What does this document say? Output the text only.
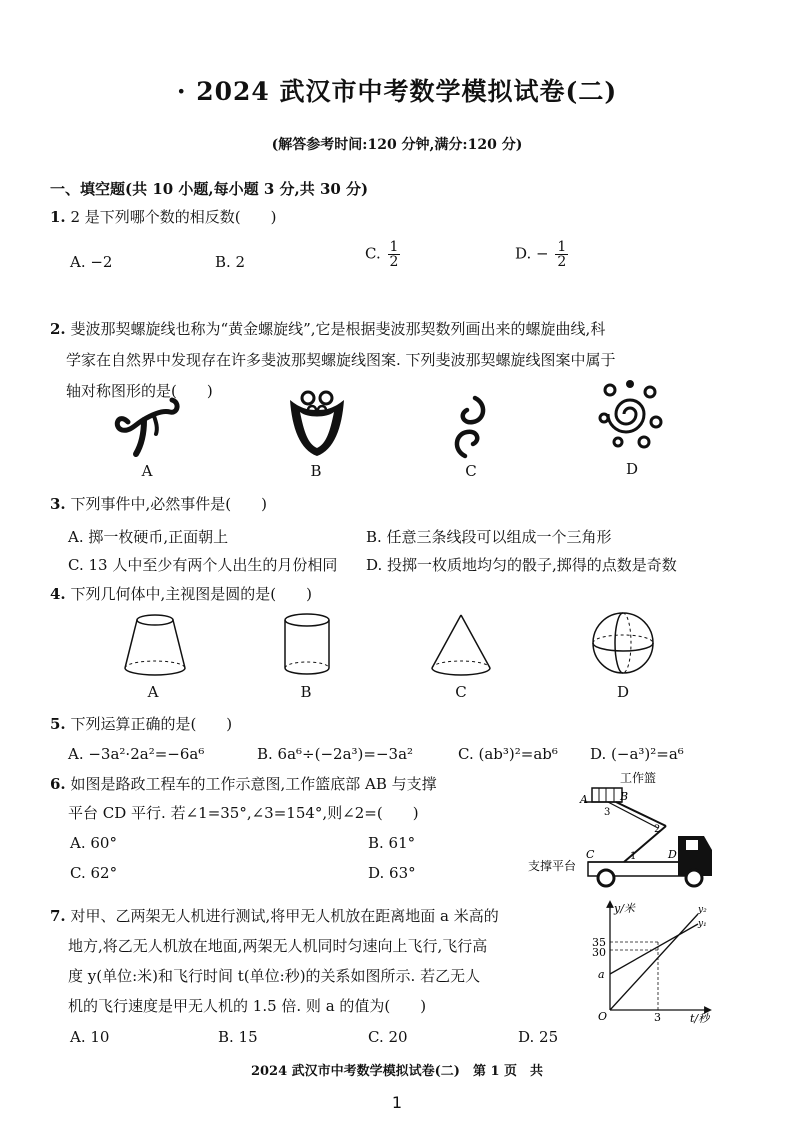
· 2024 武汉市中考数学模拟试卷(二)
(解答参考时间:120 分钟,满分:120 分)
一、填空题(共 10 小题,每小题 3 分,共 30 分)
1. 2 是下列哪个数的相反数(　　)
A. −2	B. 2	C. $\frac{1}{2}$	D. − $\frac{1}{2}$
2. 斐波那契螺旋线也称为“黄金螺旋线”,它是根据斐波那契数列画出来的螺旋曲线,科
学家在自然界中发现存在许多斐波那契螺旋线图案. 下列斐波那契螺旋线图案中属于
轴对称图形的是(　　)
A	B	C	D
3. 下列事件中,必然事件是(　　)
A. 掷一枚硬币,正面朝上	B. 任意三条线段可以组成一个三角形
C. 13 人中至少有两个人出生的月份相同 D. 投掷一枚质地均匀的骰子,掷得的点数是奇数
4. 下列几何体中,主视图是圆的是(　　)
A	B	C	D
5. 下列运算正确的是(　　)
A. −3a²·2a²=−6a⁶	B. 6a⁶÷(−2a³)=−3a²	C. (ab³)²=ab⁶ D. (−a³)²=a⁶
6. 如图是路政工程车的工作示意图,工作篮底部 AB 与支撑
平台 CD 平行. 若∠1=35°,∠3=154°,则∠2=(　　)
A. 60°	B. 61°
C. 62°	D. 63°
工作篮
A	B
3
2
1
C	D
支撑平台
7. 对甲、乙两架无人机进行测试,将甲无人机放在距离地面 a 米高的
地方,将乙无人机放在地面,两架无人机同时匀速向上飞行,飞行高
度 y(单位:米)和飞行时间 t(单位:秒)的关系如图所示. 若乙无人
机的飞行速度是甲无人机的 1.5 倍. 则 a 的值为(　　)
A. 10	B. 15	C. 20	D. 25
y/米
t/秒
O
35
30
a
3
y₂
y₁
2024 武汉市中考数学模拟试卷(二)　第 1 页　共
1
